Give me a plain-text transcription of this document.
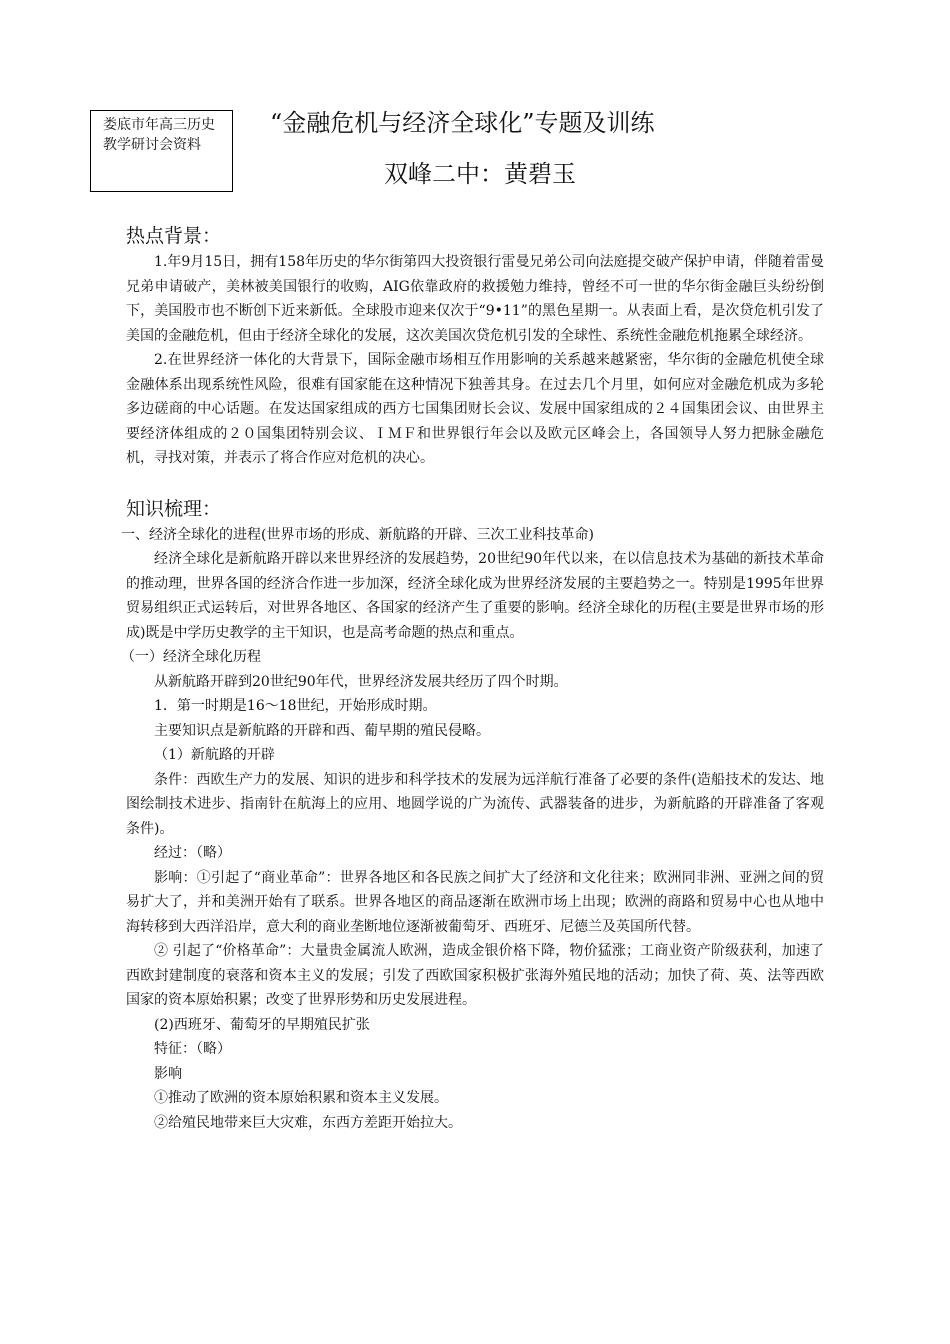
娄底市年高三历史教学研讨会资料
“金融危机与经济全球化”专题及训练
双峰二中：黄碧玉
热点背景：

1.年9月15日，拥有158年历史的华尔街第四大投资银行雷曼兄弟公司向法庭提交破产保护申请，伴随着雷曼兄弟申请破产，美林被美国银行的收购，AIG依靠政府的救援勉力维持，曾经不可一世的华尔街金融巨头纷纷倒下，美国股市也不断创下近来新低。全球股市迎来仅次于“9•11”的黑色星期一。从表面上看，是次贷危机引发了美国的金融危机，但由于经济全球化的发展，这次美国次贷危机引发的全球性、系统性金融危机拖累全球经济。

2.在世界经济一体化的大背景下，国际金融市场相互作用影响的关系越来越紧密，华尔街的金融危机使全球金融体系出现系统性风险，很难有国家能在这种情况下独善其身。在过去几个月里，如何应对金融危机成为多轮多边磋商的中心话题。在发达国家组成的西方七国集团财长会议、发展中国家组成的２４国集团会议、由世界主要经济体组成的２０国集团特别会议、ＩＭＦ和世界银行年会以及欧元区峰会上，各国领导人努力把脉金融危机，寻找对策，并表示了将合作应对危机的决心。

知识梳理：

一、经济全球化的进程(世界市场的形成、新航路的开辟、三次工业科技革命)

经济全球化是新航路开辟以来世界经济的发展趋势，20世纪90年代以来，在以信息技术为基础的新技术革命的推动理，世界各国的经济合作进一步加深，经济全球化成为世界经济发展的主要趋势之一。特别是1995年世界贸易组织正式运转后，对世界各地区、各国家的经济产生了重要的影响。经济全球化的历程(主要是世界市场的形成)既是中学历史教学的主干知识，也是高考命题的热点和重点。

（一）经济全球化历程

从新航路开辟到20世纪90年代，世界经济发展共经历了四个时期。

1．第一时期是16～18世纪，开始形成时期。

主要知识点是新航路的开辟和西、葡早期的殖民侵略。

（1）新航路的开辟

条件：西欧生产力的发展、知识的进步和科学技术的发展为远洋航行准备了必要的条件(造船技术的发达、地图绘制技术进步、指南针在航海上的应用、地圆学说的广为流传、武器装备的进步，为新航路的开辟准备了客观条件)。

经过：（略）

影响：①引起了“商业革命”：世界各地区和各民族之间扩大了经济和文化往来；欧洲同非洲、亚洲之间的贸易扩大了，并和美洲开始有了联系。世界各地区的商品逐渐在欧洲市场上出现；欧洲的商路和贸易中心也从地中海转移到大西洋沿岸，意大利的商业垄断地位逐渐被葡萄牙、西班牙、尼德兰及英国所代替。

② 引起了“价格革命”：大量贵金属流人欧洲，造成金银价格下降，物价猛涨；工商业资产阶级获利，加速了西欧封建制度的衰落和资本主义的发展；引发了西欧国家积极扩张海外殖民地的活动；加快了荷、英、法等西欧国家的资本原始积累；改变了世界形势和历史发展进程。

(2)西班牙、葡萄牙的早期殖民扩张

特征：（略）

影响

①推动了欧洲的资本原始积累和资本主义发展。

②给殖民地带来巨大灾难，东西方差距开始拉大。
